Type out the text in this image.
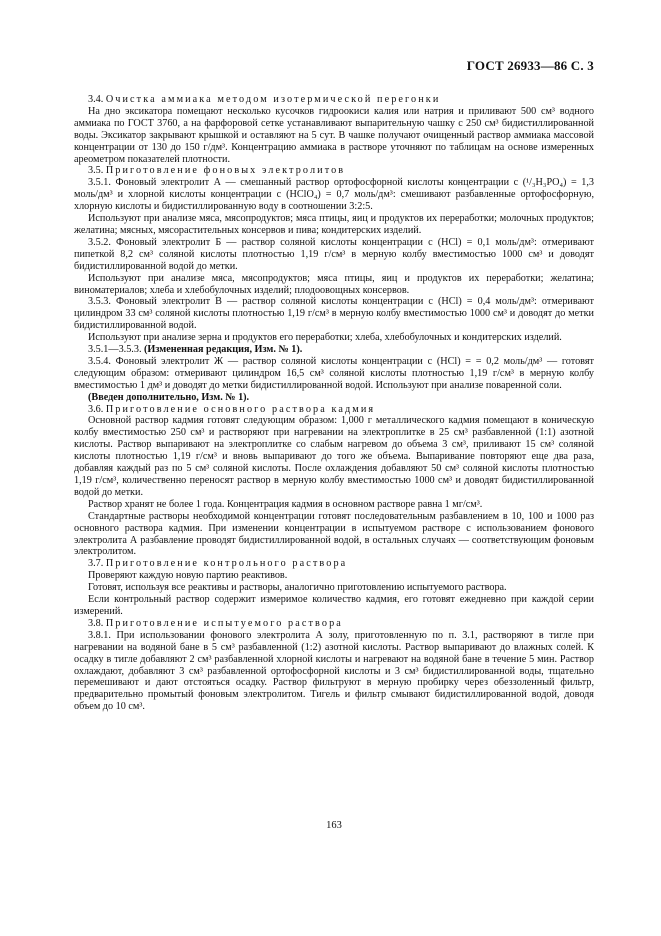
ГОСТ 26933—86 С. 3

3.4. Очистка аммиака методом изотермической перегонки

На дно эксикатора помещают несколько кусочков гидроокиси калия или натрия и приливают 500 см³ водного аммиака по ГОСТ 3760, а на фарфоровой сетке устанавливают выпарительную чашку с 250 см³ бидистиллированной воды. Эксикатор закрывают крышкой и оставляют на 5 сут. В чашке получают очищенный раствор аммиака массовой концентрации от 130 до 150 г/дм³. Концентрацию аммиака в растворе уточняют по таблицам на основе измеренных ареометром показателей плотности.

3.5. Приготовление фоновых электролитов

3.5.1. Фоновый электролит А — смешанный раствор ортофосфорной кислоты концентрации c (¹/₃H₃PO₄) = 1,3 моль/дм³ и хлорной кислоты концентрации c (HClO₄) = 0,7 моль/дм³: смешивают разбавленные ортофосфорную, хлорную кислоты и бидистиллированную воду в соотношении 3:2:5.

Используют при анализе мяса, мясопродуктов; мяса птицы, яиц и продуктов их переработки; молочных продуктов; желатина; мясных, мясорастительных консервов и пива; кондитерских изделий.

3.5.2. Фоновый электролит Б — раствор соляной кислоты концентрации c (HCl) = 0,1 моль/дм³: отмеривают пипеткой 8,2 см³ соляной кислоты плотностью 1,19 г/см³ в мерную колбу вместимостью 1000 см³ и доводят бидистиллированной водой до метки.

Используют при анализе мяса, мясопродуктов; мяса птицы, яиц и продуктов их переработки; желатина; виноматериалов; хлеба и хлебобулочных изделий; плодоовощных консервов.

3.5.3. Фоновый электролит В — раствор соляной кислоты концентрации c (HCl) = 0,4 моль/дм³: отмеривают цилиндром 33 см³ соляной кислоты плотностью 1,19 г/см³ в мерную колбу вместимостью 1000 см³ и доводят до метки бидистиллированной водой.

Используют при анализе зерна и продуктов его переработки; хлеба, хлебобулочных и кондитерских изделий.

3.5.1—3.5.3. (Измененная редакция, Изм. № 1).

3.5.4. Фоновый электролит Ж — раствор соляной кислоты концентрации c (HCl) = = 0,2 моль/дм³ — готовят следующим образом: отмеривают цилиндром 16,5 см³ соляной кислоты плотностью 1,19 г/см³ в мерную колбу вместимостью 1 дм³ и доводят до метки бидистиллированной водой. Используют при анализе поваренной соли.

(Введен дополнительно, Изм. № 1).

3.6. Приготовление основного раствора кадмия

Основной раствор кадмия готовят следующим образом: 1,000 г металлического кадмия помещают в коническую колбу вместимостью 250 см³ и растворяют при нагревании на электроплитке в 25 см³ разбавленной (1:1) азотной кислоты. Раствор выпаривают на электроплитке со слабым нагревом до объема 3 см³, приливают 15 см³ соляной кислоты плотностью 1,19 г/см³ и вновь выпаривают до того же объема. Выпаривание повторяют еще два раза, добавляя каждый раз по 5 см³ соляной кислоты. После охлаждения добавляют 50 см³ соляной кислоты плотностью 1,19 г/см³, количественно переносят раствор в мерную колбу вместимостью 1000 см³ и доводят бидистиллированной водой до метки.

Раствор хранят не более 1 года. Концентрация кадмия в основном растворе равна 1 мг/см³.

Стандартные растворы необходимой концентрации готовят последовательным разбавлением в 10, 100 и 1000 раз основного раствора кадмия. При изменении концентрации в испытуемом растворе с использованием фонового электролита А разбавление проводят бидистиллированной водой, в остальных случаях — соответствующим фоновым электролитом.

3.7. Приготовление контрольного раствора

Проверяют каждую новую партию реактивов.

Готовят, используя все реактивы и растворы, аналогично приготовлению испытуемого раствора.

Если контрольный раствор содержит измеримое количество кадмия, его готовят ежедневно при каждой серии измерений.

3.8. Приготовление испытуемого раствора

3.8.1. При использовании фонового электролита А золу, приготовленную по п. 3.1, растворяют в тигле при нагревании на водяной бане в 5 см³ разбавленной (1:2) азотной кислоты. Раствор выпаривают до влажных солей. К осадку в тигле добавляют 2 см³ разбавленной хлорной кислоты и нагревают на водяной бане в течение 5 мин. Раствор охлаждают, добавляют 3 см³ разбавленной ортофосфорной кислоты и 3 см³ бидистиллированной воды, тщательно перемешивают и дают отстояться осадку. Раствор фильтруют в мерную пробирку через обеззоленный фильтр, предварительно промытый фоновым электролитом. Тигель и фильтр смывают бидистиллированной водой, доводя объем до 10 см³.

163
